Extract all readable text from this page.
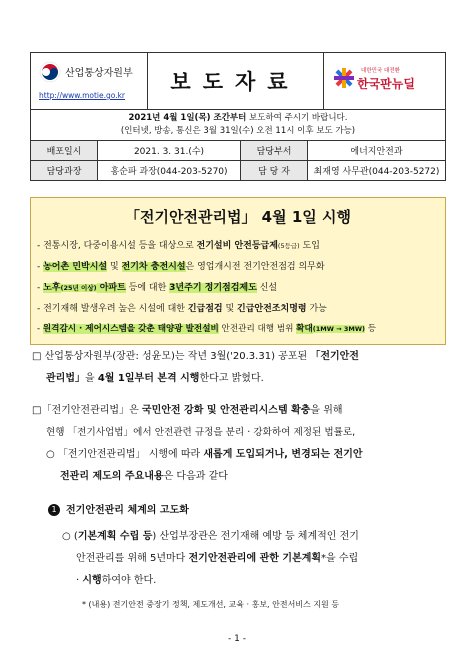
산업통상자원부
http://www.motie.go.kr
보도자료	대한민국 대전환
한국판뉴딜
2021년 4월 1일(목) 조간부터 보도하여 주시기 바랍니다.
(인터넷, 방송, 통신은 3월 31일(수) 오전 11시 이후 보도 가능)
배포일시	2021. 3. 31.(수)	담당부서	에너지안전과
담당과장	홍순파 과장(044-203-5270)	담 당 자	최재영 사무관(044-203-5272)
「전기안전관리법」 4월 1일 시행
- 전통시장, 다중이용시설 등을 대상으로 전기설비 안전등급제(5등급) 도입
- 농어촌 민박시설 및 전기차 충전시설은 영업개시전 전기안전점검 의무화
- 노후(25년 이상) 아파트 등에 대한 3년주기 정기점검제도 신설
- 전기재해 발생우려 높은 시설에 대한 긴급점검 및 긴급안전조치명령 가능
- 원격감시 · 제어시스템을 갖춘 태양광 발전설비 안전관리 대행 범위 확대(1MW → 3MW) 등
□ 산업통상자원부(장관: 성윤모)는 작년 3월('20.3.31) 공포된 「전기안전
관리법」을 4월 1일부터 본격 시행한다고 밝혔다.
□「전기안전관리법」은 국민안전 강화 및 안전관리시스템 확충을 위해
현행 「전기사업법」에서 안전관련 규정을 분리 · 강화하여 제정된 법률로,
○ 「전기안전관리법」 시행에 따라 새롭게 도입되거나, 변경되는 전기안
전관리 제도의 주요내용은 다음과 같다
1 전기안전관리 체계의 고도화
○ (기본계획 수립 등) 산업부장관은 전기재해 예방 등 체계적인 전기
안전관리를 위해 5년마다 전기안전관리에 관한 기본계획*을 수립
· 시행하여야 한다.
* (내용) 전기안전 중장기 정책, 제도개선, 교육 · 홍보, 안전서비스 지원 등
- 1 -
